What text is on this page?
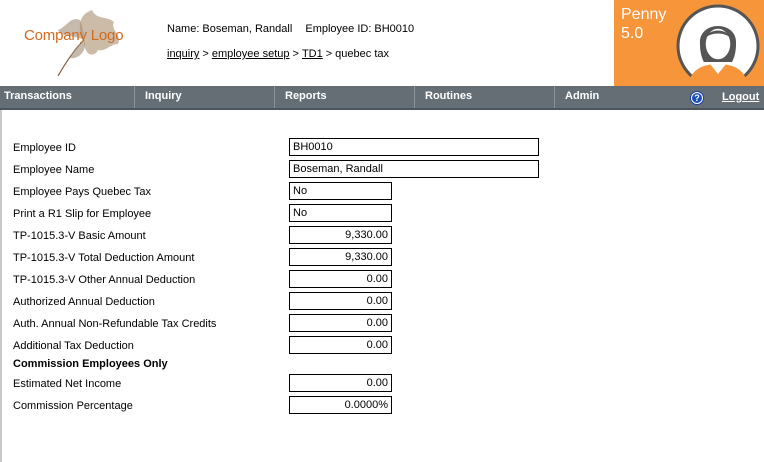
Company Logo	Name: Boseman, Randall Employee ID: BH0010
inquiry > employee setup > TD1 > quebec tax
Penny
5.0
Transactions	Inquiry	Reports	Routines	Admin	? Logout
Employee ID	BH0010
Employee Name	Boseman, Randall
Employee Pays Quebec Tax	No
Print a R1 Slip for Employee	No
TP-1015.3-V Basic Amount	9,330.00
TP-1015.3-V Total Deduction Amount	9,330.00
TP-1015.3-V Other Annual Deduction	0.00
Authorized Annual Deduction	0.00
Auth. Annual Non-Refundable Tax Credits	0.00
Additional Tax Deduction	0.00
Commission Employees Only
Estimated Net Income	0.00
Commission Percentage	0.0000%
